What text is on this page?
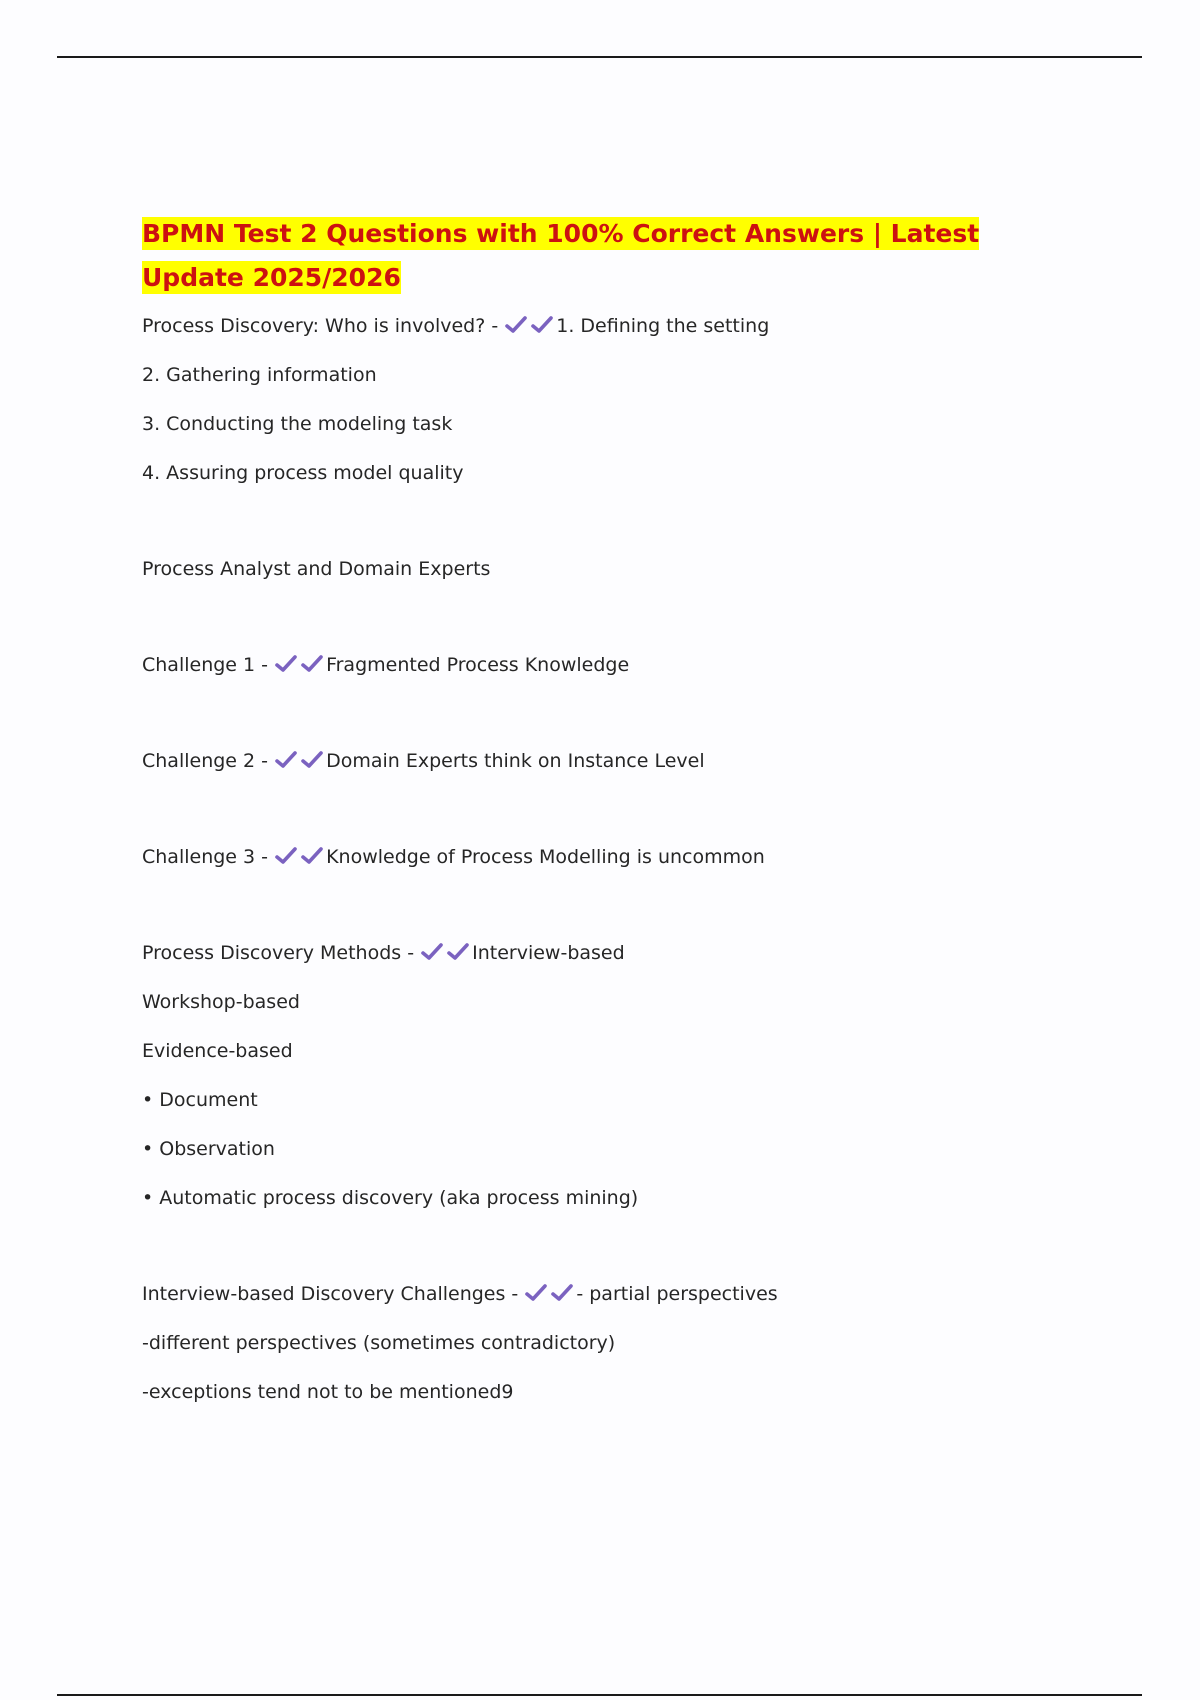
BPMN Test 2 Questions with 100% Correct Answers | Latest Update 2025/2026
Process Discovery: Who is involved? -	1. Defining the setting
2. Gathering information
3. Conducting the modeling task
4. Assuring process model quality
Process Analyst and Domain Experts
Challenge 1 -	Fragmented Process Knowledge
Challenge 2 -	Domain Experts think on Instance Level
Challenge 3 -	Knowledge of Process Modelling is uncommon
Process Discovery Methods -	Interview-based
Workshop-based
Evidence-based
• Document
• Observation
• Automatic process discovery (aka process mining)
Interview-based Discovery Challenges -	- partial perspectives
-different perspectives (sometimes contradictory)
-exceptions tend not to be mentioned9
